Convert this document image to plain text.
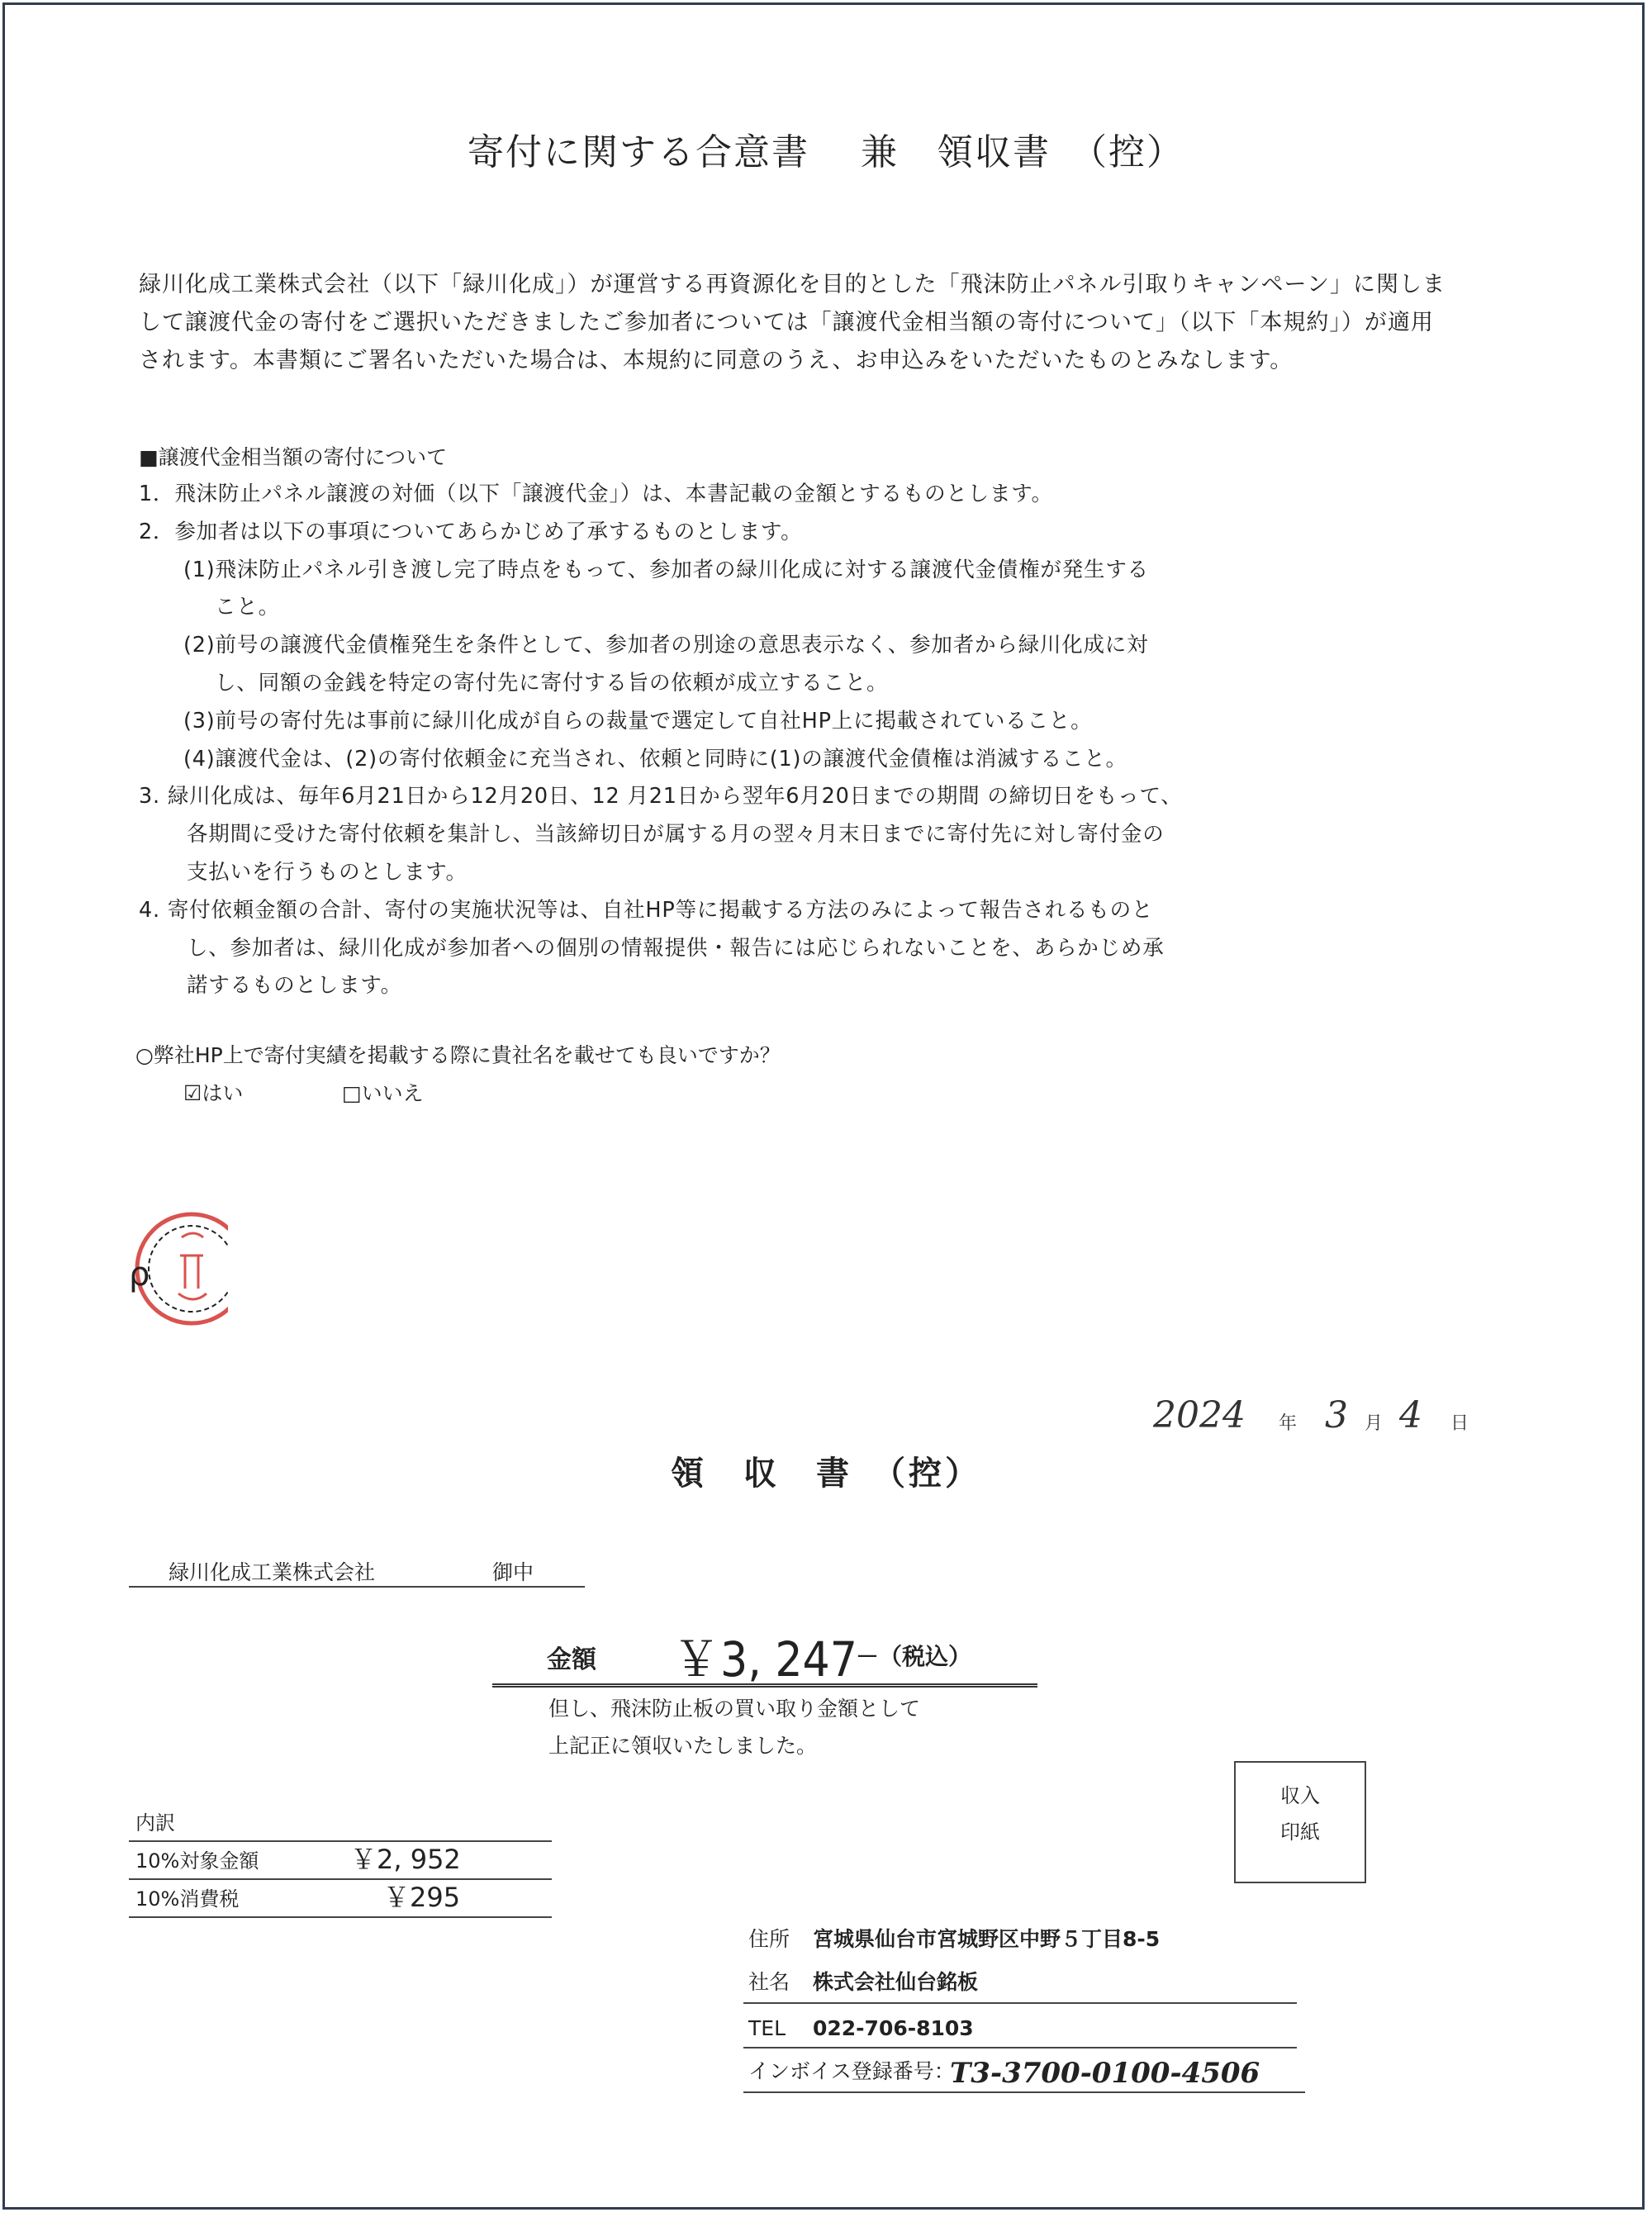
寄付に関する合意書　 兼　領収書　（控）
緑川化成工業株式会社（以下「緑川化成」）が運営する再資源化を目的とした「飛沫防止パネル引取りキャンペーン」に関しま
して譲渡代金の寄付をご選択いただきましたご参加者については「譲渡代金相当額の寄付について」（以下「本規約」）が適用
されます。本書類にご署名いただいた場合は、本規約に同意のうえ、お申込みをいただいたものとみなします。
■譲渡代金相当額の寄付について
1．飛沫防止パネル譲渡の対価（以下「譲渡代金」）は、本書記載の金額とするものとします。
2．参加者は以下の事項についてあらかじめ了承するものとします。
(1)飛沫防止パネル引き渡し完了時点をもって、参加者の緑川化成に対する譲渡代金債権が発生する
こと。
(2)前号の譲渡代金債権発生を条件として、参加者の別途の意思表示なく、参加者から緑川化成に対
し、同額の金銭を特定の寄付先に寄付する旨の依頼が成立すること。
(3)前号の寄付先は事前に緑川化成が自らの裁量で選定して自社HP上に掲載されていること。
(4)譲渡代金は、(2)の寄付依頼金に充当され、依頼と同時に(1)の譲渡代金債権は消滅すること。
3. 緑川化成は、毎年6月21日から12月20日、12 月21日から翌年6月20日までの期間 の締切日をもって、
各期間に受けた寄付依頼を集計し、当該締切日が属する月の翌々月末日までに寄付先に対し寄付金の
支払いを行うものとします。
4. 寄付依頼金額の合計、寄付の実施状況等は、自社HP等に掲載する方法のみによって報告されるものと
し、参加者は、緑川化成が参加者への個別の情報提供・報告には応じられないことを、あらかじめ承
諾するものとします。
○弊社HP上で寄付実績を掲載する際に貴社名を載せても良いですか？
☑はい	□いいえ
ρ
2024 年 3 月 4 日
領　収　書　（控）
緑川化成工業株式会社	御中
金額 ￥3, 247
－（税込）
但し、飛沫防止板の買い取り金額として
上記正に領収いたしました。
収入
印紙
内訳
10%対象金額	￥2, 952
10%消費税	￥295
住所 宮城県仙台市宮城野区中野５丁目8-5
社名 株式会社仙台銘板
TEL 022-706-8103
インボイス登録番号：
T3-3700-0100-4506
